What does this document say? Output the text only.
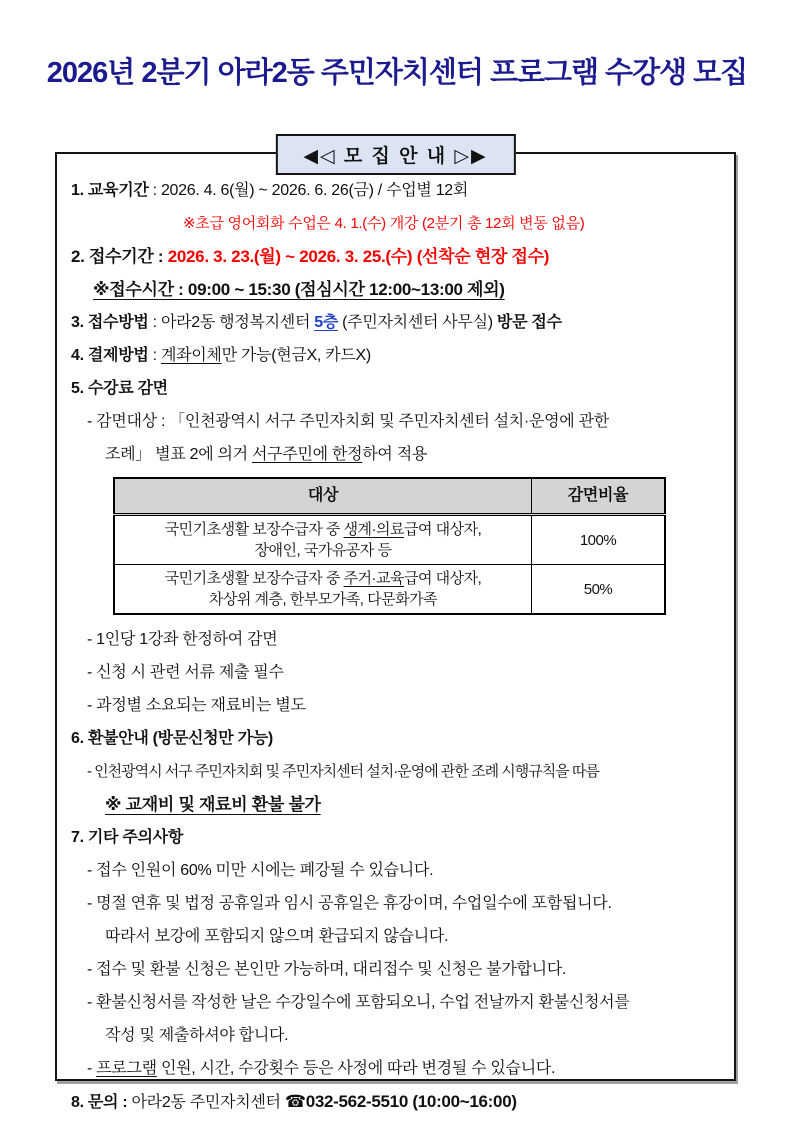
2026년 2분기 아라2동 주민자치센터 프로그램 수강생 모집
◀◁ 모 집 안 내 ▷▶
1. 교육기간 : 2026. 4. 6(월) ~ 2026. 6. 26(금) / 수업별 12회
※초급 영어회화 수업은 4. 1.(수) 개강 (2분기 총 12회 변동 없음)
2. 접수기간 : 2026. 3. 23.(월) ~ 2026. 3. 25.(수) (선착순 현장 접수)
※접수시간 : 09:00 ~ 15:30 (점심시간 12:00~13:00 제외)
3. 접수방법 : 아라2동 행정복지센터 5층 (주민자치센터 사무실) 방문 접수
4. 결제방법 : 계좌이체만 가능(현금X, 카드X)
5. 수강료 감면
- 감면대상 : 「인천광역시 서구 주민자치회 및 주민자치센터 설치·운영에 관한
조례」 별표 2에 의거 서구주민에 한정하여 적용
대상	감면비율
국민기초생활 보장수급자 중 생계·의료급여 대상자,
장애인, 국가유공자 등	100%
국민기초생활 보장수급자 중 주거·교육급여 대상자,
차상위 계층, 한부모가족, 다문화가족	50%
- 1인당 1강좌 한정하여 감면
- 신청 시 관련 서류 제출 필수
- 과정별 소요되는 재료비는 별도
6. 환불안내 (방문신청만 가능)
- 인천광역시 서구 주민자치회 및 주민자치센터 설치·운영에 관한 조례 시행규칙을 따름
※ 교재비 및 재료비 환불 불가
7. 기타 주의사항
- 접수 인원이 60% 미만 시에는 폐강될 수 있습니다.
- 명절 연휴 및 법정 공휴일과 임시 공휴일은 휴강이며, 수업일수에 포함됩니다.
따라서 보강에 포함되지 않으며 환급되지 않습니다.
- 접수 및 환불 신청은 본인만 가능하며, 대리접수 및 신청은 불가합니다.
- 환불신청서를 작성한 날은 수강일수에 포함되오니, 수업 전날까지 환불신청서를
작성 및 제출하셔야 합니다.
- 프로그램 인원, 시간, 수강횟수 등은 사정에 따라 변경될 수 있습니다.
8. 문의 : 아라2동 주민자치센터 ☎032-562-5510 (10:00~16:00)
